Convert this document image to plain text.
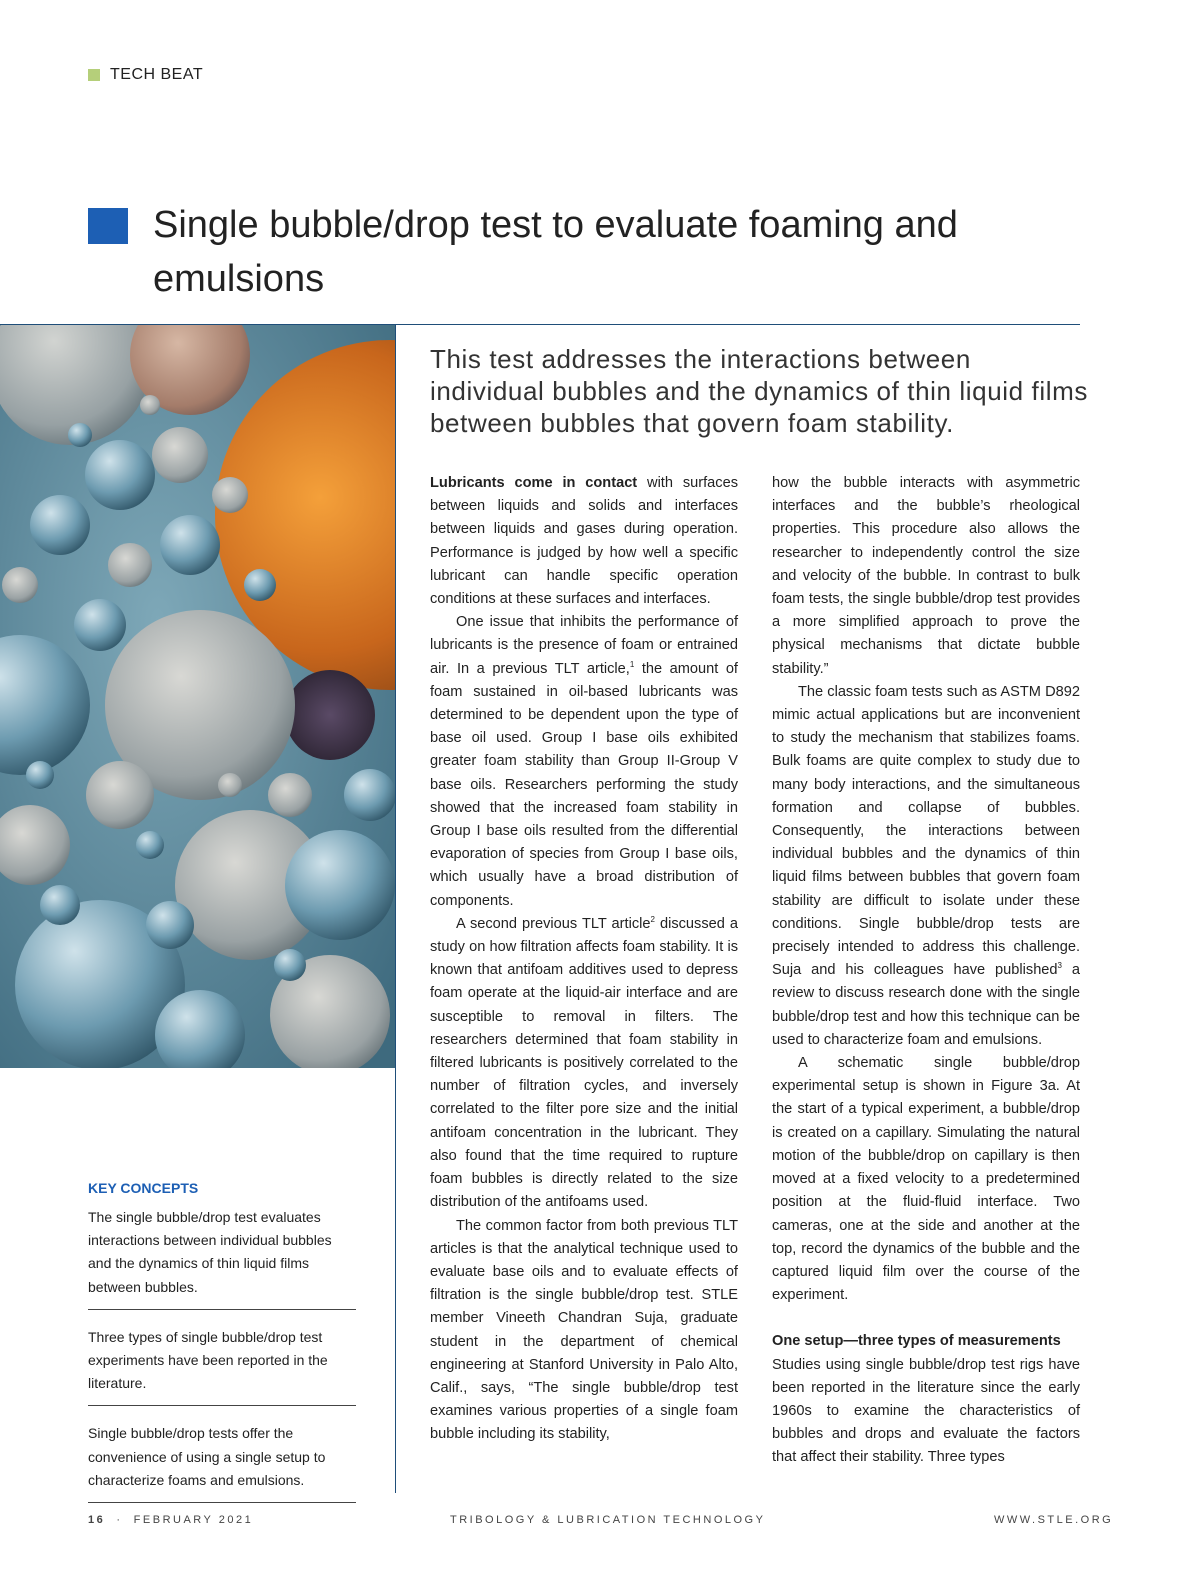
TECH BEAT
Single bubble/drop test to evaluate foaming and emulsions

This test addresses the interactions between individual bubbles and the dynamics of thin liquid films between bubbles that govern foam stability.

Lubricants come in contact with surfaces between liquids and solids and interfaces between liquids and gases during operation. Performance is judged by how well a specific lubricant can handle specific operation conditions at these surfaces and interfaces.

One issue that inhibits the performance of lubricants is the presence of foam or entrained air. In a previous TLT article,$^1$ the amount of foam sustained in oil-based lubricants was determined to be dependent upon the type of base oil used. Group I base oils exhibited greater foam stability than Group II-Group V base oils. Researchers performing the study showed that the increased foam stability in Group I base oils resulted from the differential evaporation of species from Group I base oils, which usually have a broad distribution of components.

A second previous TLT article$^2$ discussed a study on how filtration affects foam stability. It is known that antifoam additives used to depress foam operate at the liquid-air interface and are susceptible to removal in filters. The researchers determined that foam stability in filtered lubricants is positively correlated to the number of filtration cycles, and inversely correlated to the filter pore size and the initial antifoam concentration in the lubricant. They also found that the time required to rupture foam bubbles is directly related to the size distribution of the antifoams used.

The common factor from both previous TLT articles is that the analytical technique used to evaluate base oils and to evaluate effects of filtration is the single bubble/drop test. STLE member Vineeth Chandran Suja, graduate student in the department of chemical engineering at Stanford University in Palo Alto, Calif., says, “The single bubble/drop test examines various properties of a single foam bubble including its stability,

how the bubble interacts with asymmetric interfaces and the bubble’s rheological properties. This procedure also allows the researcher to independently control the size and velocity of the bubble. In contrast to bulk foam tests, the single bubble/drop test provides a more simplified approach to prove the physical mechanisms that dictate bubble stability.”

The classic foam tests such as ASTM D892 mimic actual applications but are inconvenient to study the mechanism that stabilizes foams. Bulk foams are quite complex to study due to many body interactions, and the simultaneous formation and collapse of bubbles. Consequently, the interactions between individual bubbles and the dynamics of thin liquid films between bubbles that govern foam stability are difficult to isolate under these conditions. Single bubble/drop tests are precisely intended to address this challenge. Suja and his colleagues have published$^3$ a review to discuss research done with the single bubble/drop test and how this technique can be used to characterize foam and emulsions.

A schematic single bubble/drop experimental setup is shown in Figure 3a. At the start of a typical experiment, a bubble/drop is created on a capillary. Simulating the natural motion of the bubble/drop on capillary is then moved at a fixed velocity to a predetermined position at the fluid-fluid interface. Two cameras, one at the side and another at the top, record the dynamics of the bubble and the captured liquid film over the course of the experiment.

One setup—three types of measurements

Studies using single bubble/drop test rigs have been reported in the literature since the early 1960s to examine the characteristics of bubbles and drops and evaluate the factors that affect their stability. Three types

KEY CONCEPTS

The single bubble/drop test evaluates interactions between individual bubbles and the dynamics of thin liquid films between bubbles.
Three types of single bubble/drop test experiments have been reported in the literature.
Single bubble/drop tests offer the convenience of using a single setup to characterize foams and emulsions.
16 · FEBRUARY 2021	TRIBOLOGY & LUBRICATION TECHNOLOGY	WWW.STLE.ORG
